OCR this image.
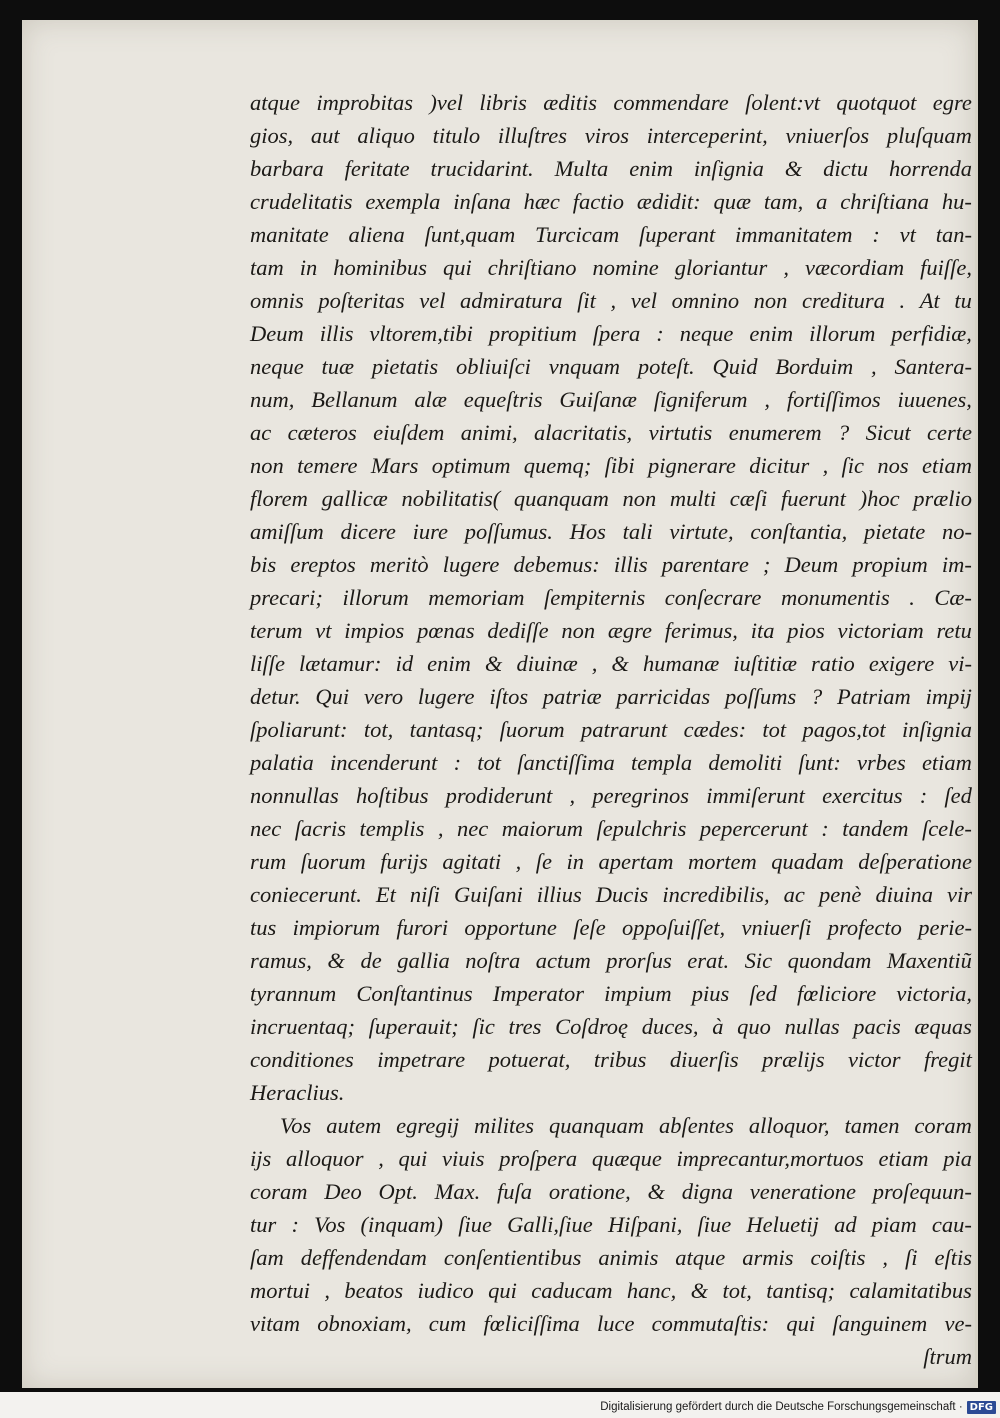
atque improbitas )vel libris æditis commendare ſolent:vt quotquot egre
gios, aut aliquo titulo illuſtres viros interceperint, vniuerſos pluſquam
barbara feritate trucidarint. Multa enim inſignia & dictu horrenda
crudelitatis exempla inſana hæc factio ædidit: quæ tam, a chriſtiana hu-
manitate aliena ſunt,quam Turcicam ſuperant immanitatem : vt tan-
tam in hominibus qui chriſtiano nomine gloriantur , væcordiam fuiſſe,
omnis poſteritas vel admiratura ſit , vel omnino non creditura . At tu
Deum illis vltorem,tibi propitium ſpera : neque enim illorum perfidiæ,
neque tuæ pietatis obliuiſci vnquam poteſt. Quid Borduim , Santera-
num, Bellanum alæ equeſtris Guiſanæ ſigniferum , fortiſſimos iuuenes,
ac cæteros eiuſdem animi, alacritatis, virtutis enumerem ? Sicut certe
non temere Mars optimum quemq; ſibi pignerare dicitur , ſic nos etiam
florem gallicæ nobilitatis( quanquam non multi cæſi fuerunt )hoc prælio
amiſſum dicere iure poſſumus. Hos tali virtute, conſtantia, pietate no-
bis ereptos meritò lugere debemus: illis parentare ; Deum propium im-
precari; illorum memoriam ſempiternis conſecrare monumentis . Cæ-
terum vt impios pœnas dediſſe non ægre ferimus, ita pios victoriam retu
liſſe lætamur: id enim & diuinæ , & humanæ iuſtitiæ ratio exigere vi-
detur. Qui vero lugere iſtos patriæ parricidas poſſums ? Patriam impij
ſpoliarunt: tot, tantasq; ſuorum patrarunt cædes: tot pagos,tot inſignia
palatia incenderunt : tot ſanctiſſima templa demoliti ſunt: vrbes etiam
nonnullas hoſtibus prodiderunt , peregrinos immiſerunt exercitus : ſed
nec ſacris templis , nec maiorum ſepulchris pepercerunt : tandem ſcele-
rum ſuorum furijs agitati , ſe in apertam mortem quadam deſperatione
coniecerunt. Et niſi Guiſani illius Ducis incredibilis, ac penè diuina vir
tus impiorum furori opportune ſeſe oppoſuiſſet, vniuerſi profecto perie-
ramus, & de gallia noſtra actum prorſus erat. Sic quondam Maxentiũ
tyrannum Conſtantinus Imperator impium pius ſed fœliciore victoria,
incruentaq; ſuperauit; ſic tres Coſdroę duces, à quo nullas pacis æquas
conditiones impetrare potuerat, tribus diuerſis prælijs victor fregit
Heraclius .
Vos autem egregij milites quanquam abſentes alloquor, tamen coram
ijs alloquor , qui viuis proſpera quæque imprecantur,mortuos etiam pia
coram Deo Opt. Max. fuſa oratione, & digna veneratione proſequun-
tur : Vos (inquam) ſiue Galli,ſiue Hiſpani, ſiue Heluetij ad piam cau-
ſam deffendendam conſentientibus animis atque armis coiſtis , ſi eſtis
mortui , beatos iudico qui caducam hanc, & tot, tantisq; calamitatibus
vitam obnoxiam, cum fœliciſſima luce commutaſtis: qui ſanguinem ve-
ſtrum
Digitalisierung gefördert durch die Deutsche Forschungsgemeinschaft · DFG
